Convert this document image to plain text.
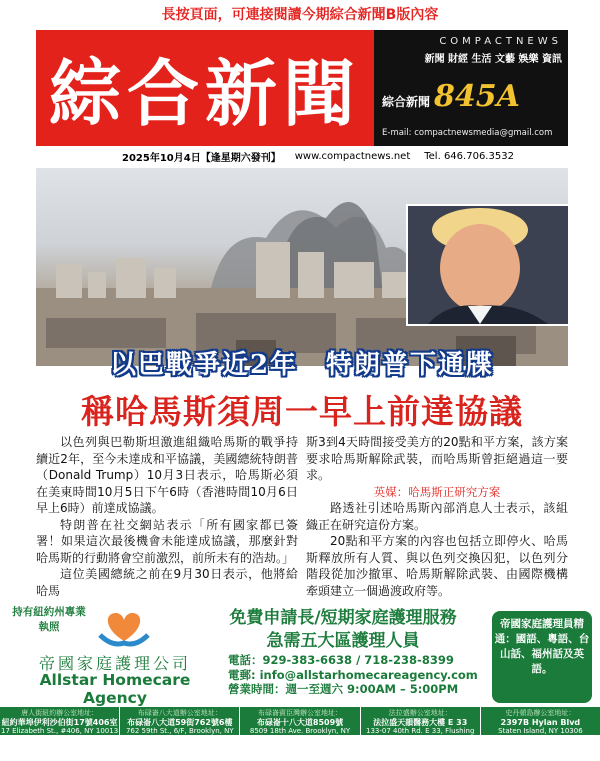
長按頁面，可連接閱讀今期綜合新聞B版內容
綜合新聞
COMPACTNEWS
新聞 財經 生活 文藝 娛樂 資訊
綜合新聞 845A
E-mail: compactnewsmedia@gmail.com
2025年10月4日【逢星期六發刊】 www.compactnews.net Tel. 646.706.3532
以巴戰爭近2年　特朗普下通牒
稱哈馬斯須周一早上前達協議

以色列與巴勒斯坦激進組織哈馬斯的戰爭持續近2年，至今未達成和平協議，美國總統特朗普（Donald Trump）10月3日表示，哈馬斯必須在美東時間10月5日下午6時（香港時間10月6日早上6時）前達成協議。

特朗普在社交網站表示「所有國家都已簽署！如果這次最後機會未能達成協議，那麼針對哈馬斯的行動將會空前激烈，前所未有的浩劫。」

這位美國總統之前在9月30日表示，他將給哈馬

斯3到4天時間接受美方的20點和平方案，該方案要求哈馬斯解除武裝，而哈馬斯曾拒絕過這一要求。

英媒：哈馬斯正研究方案

路透社引述哈馬斯內部消息人士表示，該組織正在研究這份方案。

20點和平方案的內容也包括立即停火、哈馬斯釋放所有人質、與以色列交換囚犯，以色列分階段從加沙撤軍、哈馬斯解除武裝、由國際機構牽頭建立一個過渡政府等。

持有紐約州專業執照
帝國家庭護理公司
Allstar Homecare Agency
免費申請長/短期家庭護理服務
急需五大區護理人員
電話：929-383-6638 / 718-238-8399
電郵: info@allstarhomecareagency.com
營業時間：週一至週六 9:00AM – 5:00PM
帝國家庭護理員精通：國語、粵語、台山話、福州話及英語。
唐人街紐約辦公室地址：
紐約華埠伊利沙伯街17號406室
17 Elizabeth St., #406, NY 10013
布碌崙八大道辦公室地址：
布碌崙八大道59街762號6樓
762 59th St., 6/F, Brooklyn, NY 11220
布碌崙賓臣灣辦公室地址：
布碌崙十八大道8509號
8509 18th Ave. Brooklyn, NY 11214
法拉盛辦公室地址：
法拉盛天韻醫務大樓 E 33
133-07 40th Rd. E 33, Flushing 11354
史丹頓島辦公室地址：
2397B Hylan Blvd
Staten Island, NY 10306
